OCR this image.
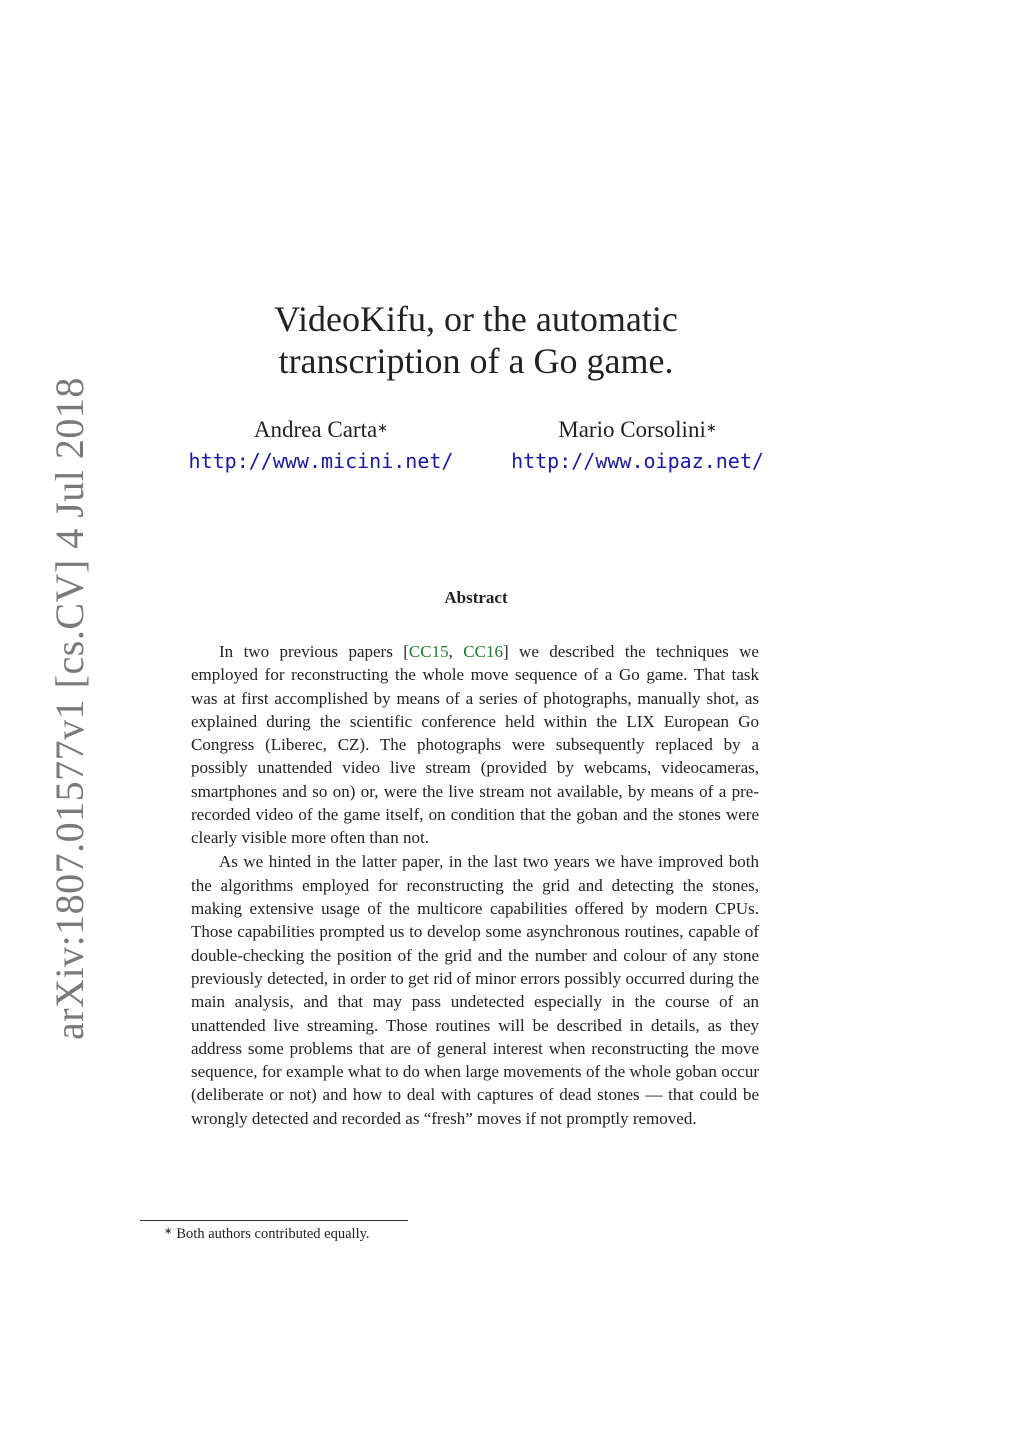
arXiv:1807.01577v1 [cs.CV] 4 Jul 2018
VideoKifu, or the automatic
transcription of a Go game.
Andrea Carta∗
http://www.micini.net/
Mario Corsolini∗
http://www.oipaz.net/
Abstract

In two previous papers [CC15, CC16] we described the techniques we employed for reconstructing the whole move sequence of a Go game. That task was at first accomplished by means of a series of photographs, manually shot, as explained during the scientific conference held within the LIX European Go Congress (Liberec, CZ). The photographs were subsequently replaced by a possibly unattended video live stream (provided by webcams, videocameras, smartphones and so on) or, were the live stream not available, by means of a pre-recorded video of the game itself, on condition that the goban and the stones were clearly visible more often than not.

As we hinted in the latter paper, in the last two years we have improved both the algorithms employed for reconstructing the grid and detecting the stones, making extensive usage of the multicore capabilities offered by modern CPUs. Those capabilities prompted us to develop some asynchronous routines, capable of double-checking the position of the grid and the number and colour of any stone previously detected, in order to get rid of minor errors possibly occurred during the main analysis, and that may pass undetected especially in the course of an unattended live streaming. Those routines will be described in details, as they address some problems that are of general interest when reconstructing the move sequence, for example what to do when large movements of the whole goban occur (deliberate or not) and how to deal with captures of dead stones — that could be wrongly detected and recorded as “fresh” moves if not promptly removed.

∗ Both authors contributed equally.
